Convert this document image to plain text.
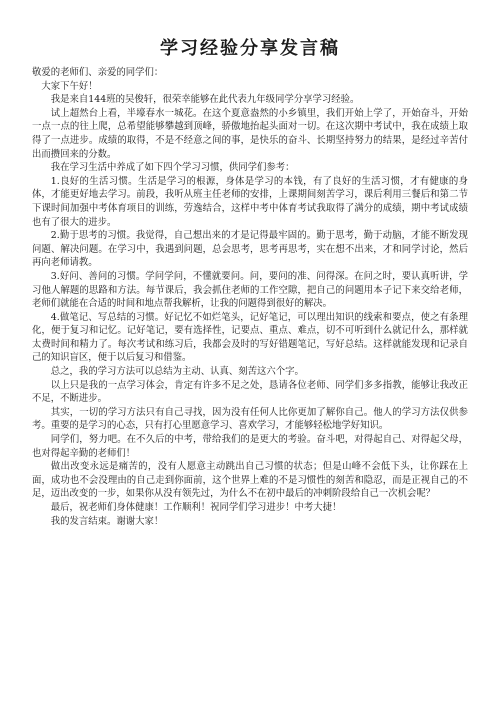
学习经验分享发言稿

敬爱的老师们、亲爱的同学们：

大家下午好！

我是来自144班的吴俊轩，很荣幸能够在此代表九年级同学分享学习经验。

试上超然台上看，半壕春水一城花。在这个夏意盎然的小乡镇里，我们开始上学了，开始奋斗，开始一点一点的往上爬，总希望能够攀越到顶峰，骄傲地抬起头面对一切。在这次期中考试中，我在成绩上取得了一点进步。成绩的取得，不是不经意之间的事，是快乐的奋斗、长期坚持努力的结果，是经过辛苦付出而攒回来的分数。

我在学习生活中养成了如下四个学习习惯，供同学们参考：

1.良好的生活习惯。生活是学习的根源，身体是学习的本钱，有了良好的生活习惯，才有健康的身体，才能更好地去学习。前段，我听从班主任老师的安排，上课期间刻苦学习，课后利用三餐后和第二节下课时间加强中考体育项目的训练，劳逸结合，这样中考中体育考试我取得了满分的成绩，期中考试成绩也有了很大的进步。

2.勤于思考的习惯。我觉得，自己想出来的才是记得最牢固的。勤于思考，勤于动脑，才能不断发现问题、解决问题。在学习中，我遇到问题，总会思考，思考再思考，实在想不出来，才和同学讨论，然后再向老师请教。

3.好问、善问的习惯。学问学问，不懂就要问。问，要问的准、问得深。在问之时，要认真听讲，学习他人解题的思路和方法。每节课后，我会抓住老师的工作空隙，把自己的问题用本子记下来交给老师，老师们就能在合适的时间和地点帮我解析，让我的问题得到很好的解决。

4.做笔记、写总结的习惯。好记忆不如烂笔头，记好笔记，可以理出知识的线索和要点，使之有条理化，便于复习和记忆。记好笔记，要有选择性，记要点、重点、难点，切不可听到什么就记什么，那样就太费时间和精力了。每次考试和练习后，我都会及时的写好错题笔记，写好总结。这样就能发现和记录自己的知识盲区，便于以后复习和借鉴。

总之，我的学习方法可以总结为主动、认真、刻苦这六个字。

以上只是我的一点学习体会，肯定有许多不足之处，恳请各位老师、同学们多多指教，能够让我改正不足，不断进步。

其实，一切的学习方法只有自己寻找，因为没有任何人比你更加了解你自己。他人的学习方法仅供参考。重要的是学习的心态，只有打心里愿意学习、喜欢学习，才能够轻松地学好知识。

同学们，努力吧。在不久后的中考，带给我们的是更大的考验。奋斗吧，对得起自己、对得起父母，也对得起辛勤的老师们！

做出改变永远是痛苦的，没有人愿意主动跳出自己习惯的状态；但是山峰不会低下头，让你踩在上面，成功也不会没理由的自己走到你面前，这个世界上难的不是习惯性的刻苦和隐忍，而是正视自己的不足，迈出改变的一步，如果你从没有领先过，为什么不在初中最后的冲刺阶段给自己一次机会呢？

最后，祝老师们身体健康！工作顺利！祝同学们学习进步！中考大捷！

我的发言结束。谢谢大家！
